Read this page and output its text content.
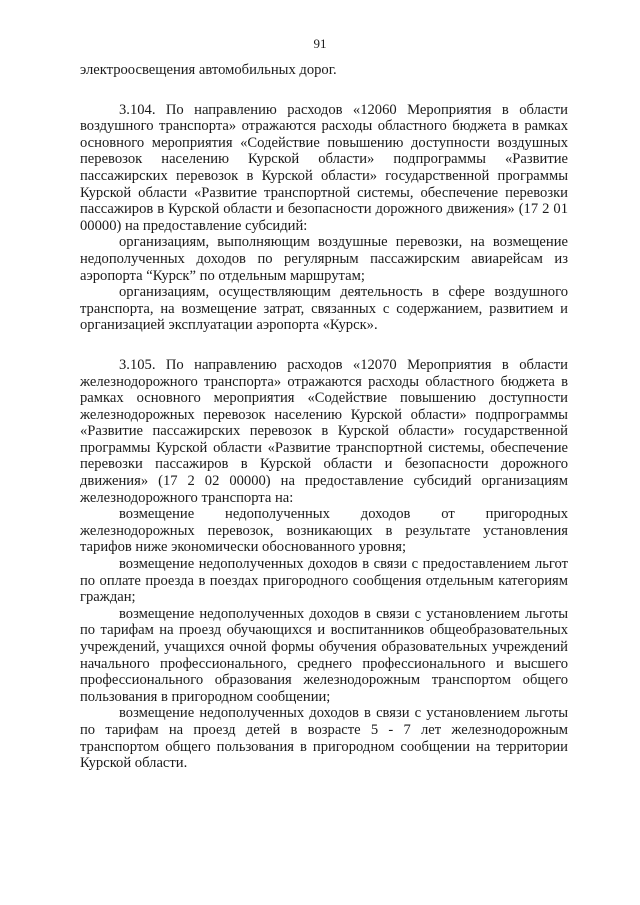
91

электроосвещения автомобильных дорог.

3.104. По направлению расходов «12060 Мероприятия в области воздушного транспорта» отражаются расходы областного бюджета в рамках основного мероприятия «Содействие повышению доступности воздушных перевозок населению Курской области» подпрограммы «Развитие пассажирских перевозок в Курской области» государственной программы Курской области «Развитие транспортной системы, обеспечение перевозки пассажиров в Курской области и безопасности дорожного движения» (17 2 01 00000) на предоставление субсидий:

организациям, выполняющим воздушные перевозки, на возмещение недополученных доходов по регулярным пассажирским авиарейсам из аэропорта “Курск” по отдельным маршрутам;

организациям, осуществляющим деятельность в сфере воздушного транспорта, на возмещение затрат, связанных с содержанием, развитием и организацией эксплуатации аэропорта «Курск».

3.105. По направлению расходов «12070 Мероприятия в области железнодорожного транспорта» отражаются расходы областного бюджета в рамках основного мероприятия «Содействие повышению доступности железнодорожных перевозок населению Курской области» подпрограммы «Развитие пассажирских перевозок в Курской области» государственной программы Курской области «Развитие транспортной системы, обеспечение перевозки пассажиров в Курской области и безопасности дорожного движения» (17 2 02 00000) на предоставление субсидий организациям железнодорожного транспорта на:

возмещение недополученных доходов от пригородных железнодорожных перевозок, возникающих в результате установления тарифов ниже экономически обоснованного уровня;

возмещение недополученных доходов в связи с предоставлением льгот по оплате проезда в поездах пригородного сообщения отдельным категориям граждан;

возмещение недополученных доходов в связи с установлением льготы по тарифам на проезд обучающихся и воспитанников общеобразовательных учреждений, учащихся очной формы обучения образовательных учреждений начального профессионального, среднего профессионального и высшего профессионального образования железнодорожным транспортом общего пользования в пригородном сообщении;

возмещение недополученных доходов в связи с установлением льготы по тарифам на проезд детей в возрасте 5 - 7 лет железнодорожным транспортом общего пользования в пригородном сообщении на территории Курской области.
